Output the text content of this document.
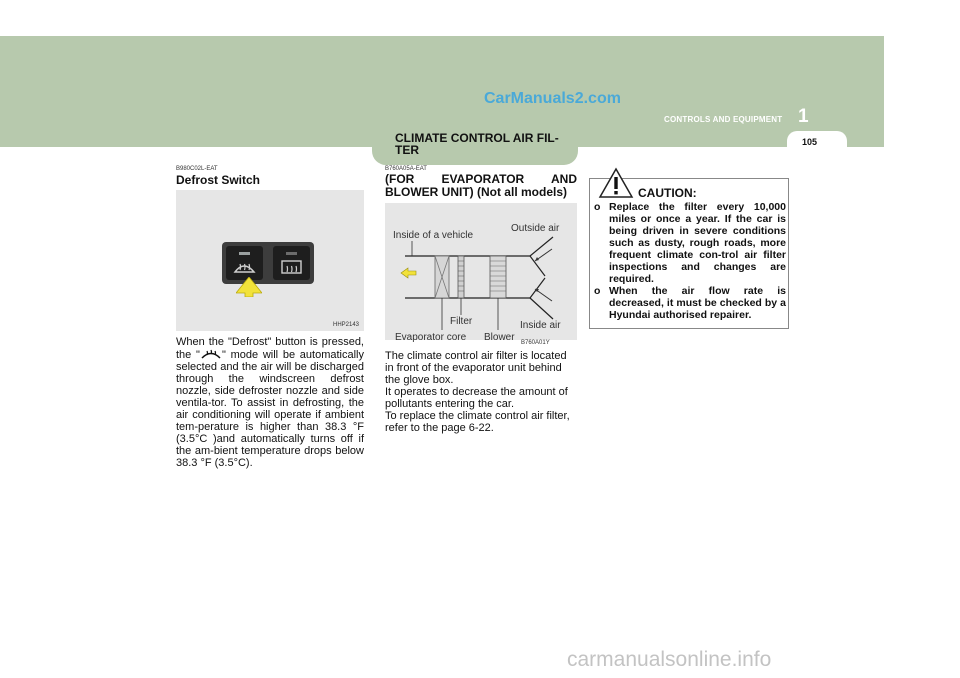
CarManuals2.com
1
CONTROLS AND EQUIPMENT
105
CLIMATE CONTROL AIR FIL-TER
B980C02L-EAT
Defrost Switch
HHP2143
When the "Defrost" button is pressed, the " " mode will be automatically selected and the air will be discharged through the windscreen defrost nozzle, side defroster nozzle and side ventila-tor. To assist in defrosting, the air conditioning will operate if ambient tem-perature is higher than 38.3 °F (3.5°C )and automatically turns off if the am-bient temperature drops below 38.3 °F (3.5°C).
B760A05A-EAT
(FOR EVAPORATOR AND
BLOWER UNIT) (Not all models)
Inside of a vehicle
Outside air
Filter	Inside air
Evaporator core Blower B760A01Y
The climate control air filter is located in front of the evaporator unit behind the glove box.
It operates to decrease the amount of pollutants entering the car.
To replace the climate control air filter, refer to the page 6-22.
CAUTION:
o Replace the filter every 10,000 miles or once a year. If the car is being driven in severe conditions such as dusty, rough roads, more frequent climate con-trol air filter inspections and changes are required.
o When the air flow rate is decreased, it must be checked by a Hyundai authorised repairer.
carmanualsonline.info
